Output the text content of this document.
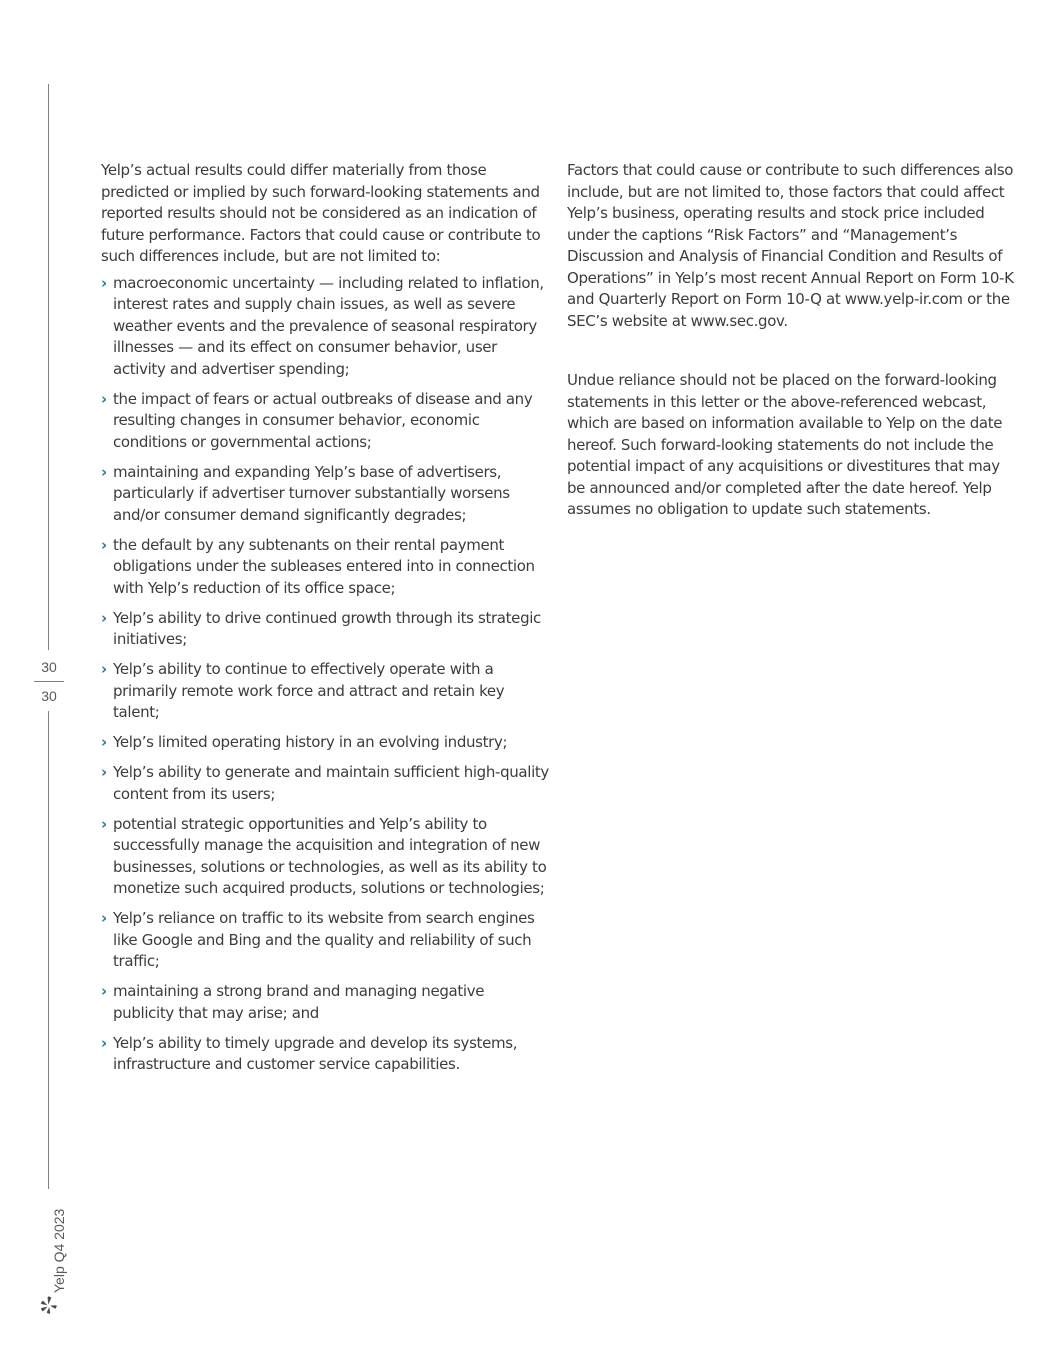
30
30
Yelp Q4 2023

Yelp’s actual results could differ materially from those predicted or implied by such forward-looking statements and reported results should not be considered as an indication of future performance. Factors that could cause or contribute to such differences include, but are not limited to:

› macroeconomic uncertainty — including related to inflation, interest rates and supply chain issues, as well as severe weather events and the prevalence of seasonal respiratory illnesses — and its effect on consumer behavior, user activity and advertiser spending;
› the impact of fears or actual outbreaks of disease and any resulting changes in consumer behavior, economic conditions or governmental actions;
› maintaining and expanding Yelp’s base of advertisers, particularly if advertiser turnover substantially worsens and/or consumer demand significantly degrades;
› the default by any subtenants on their rental payment obligations under the subleases entered into in connection with Yelp’s reduction of its office space;
› Yelp’s ability to drive continued growth through its strategic initiatives;
› Yelp’s ability to continue to effectively operate with a primarily remote work force and attract and retain key talent;
› Yelp’s limited operating history in an evolving industry;
› Yelp’s ability to generate and maintain sufficient high-quality content from its users;
› potential strategic opportunities and Yelp’s ability to successfully manage the acquisition and integration of new businesses, solutions or technologies, as well as its ability to monetize such acquired products, solutions or technologies;
› Yelp’s reliance on traffic to its website from search engines like Google and Bing and the quality and reliability of such traffic;
› maintaining a strong brand and managing negative publicity that may arise; and
› Yelp’s ability to timely upgrade and develop its systems, infrastructure and customer service capabilities.

Factors that could cause or contribute to such differences also include, but are not limited to, those factors that could affect Yelp’s business, operating results and stock price included under the captions “Risk Factors” and “Management’s Discussion and Analysis of Financial Condition and Results of Operations” in Yelp’s most recent Annual Report on Form 10-K and Quarterly Report on Form 10-Q at www.yelp-ir.com or the SEC’s website at www.sec.gov.

Undue reliance should not be placed on the forward-looking statements in this letter or the above-referenced webcast, which are based on information available to Yelp on the date hereof. Such forward-looking statements do not include the potential impact of any acquisitions or divestitures that may be announced and/or completed after the date hereof. Yelp assumes no obligation to update such statements.
